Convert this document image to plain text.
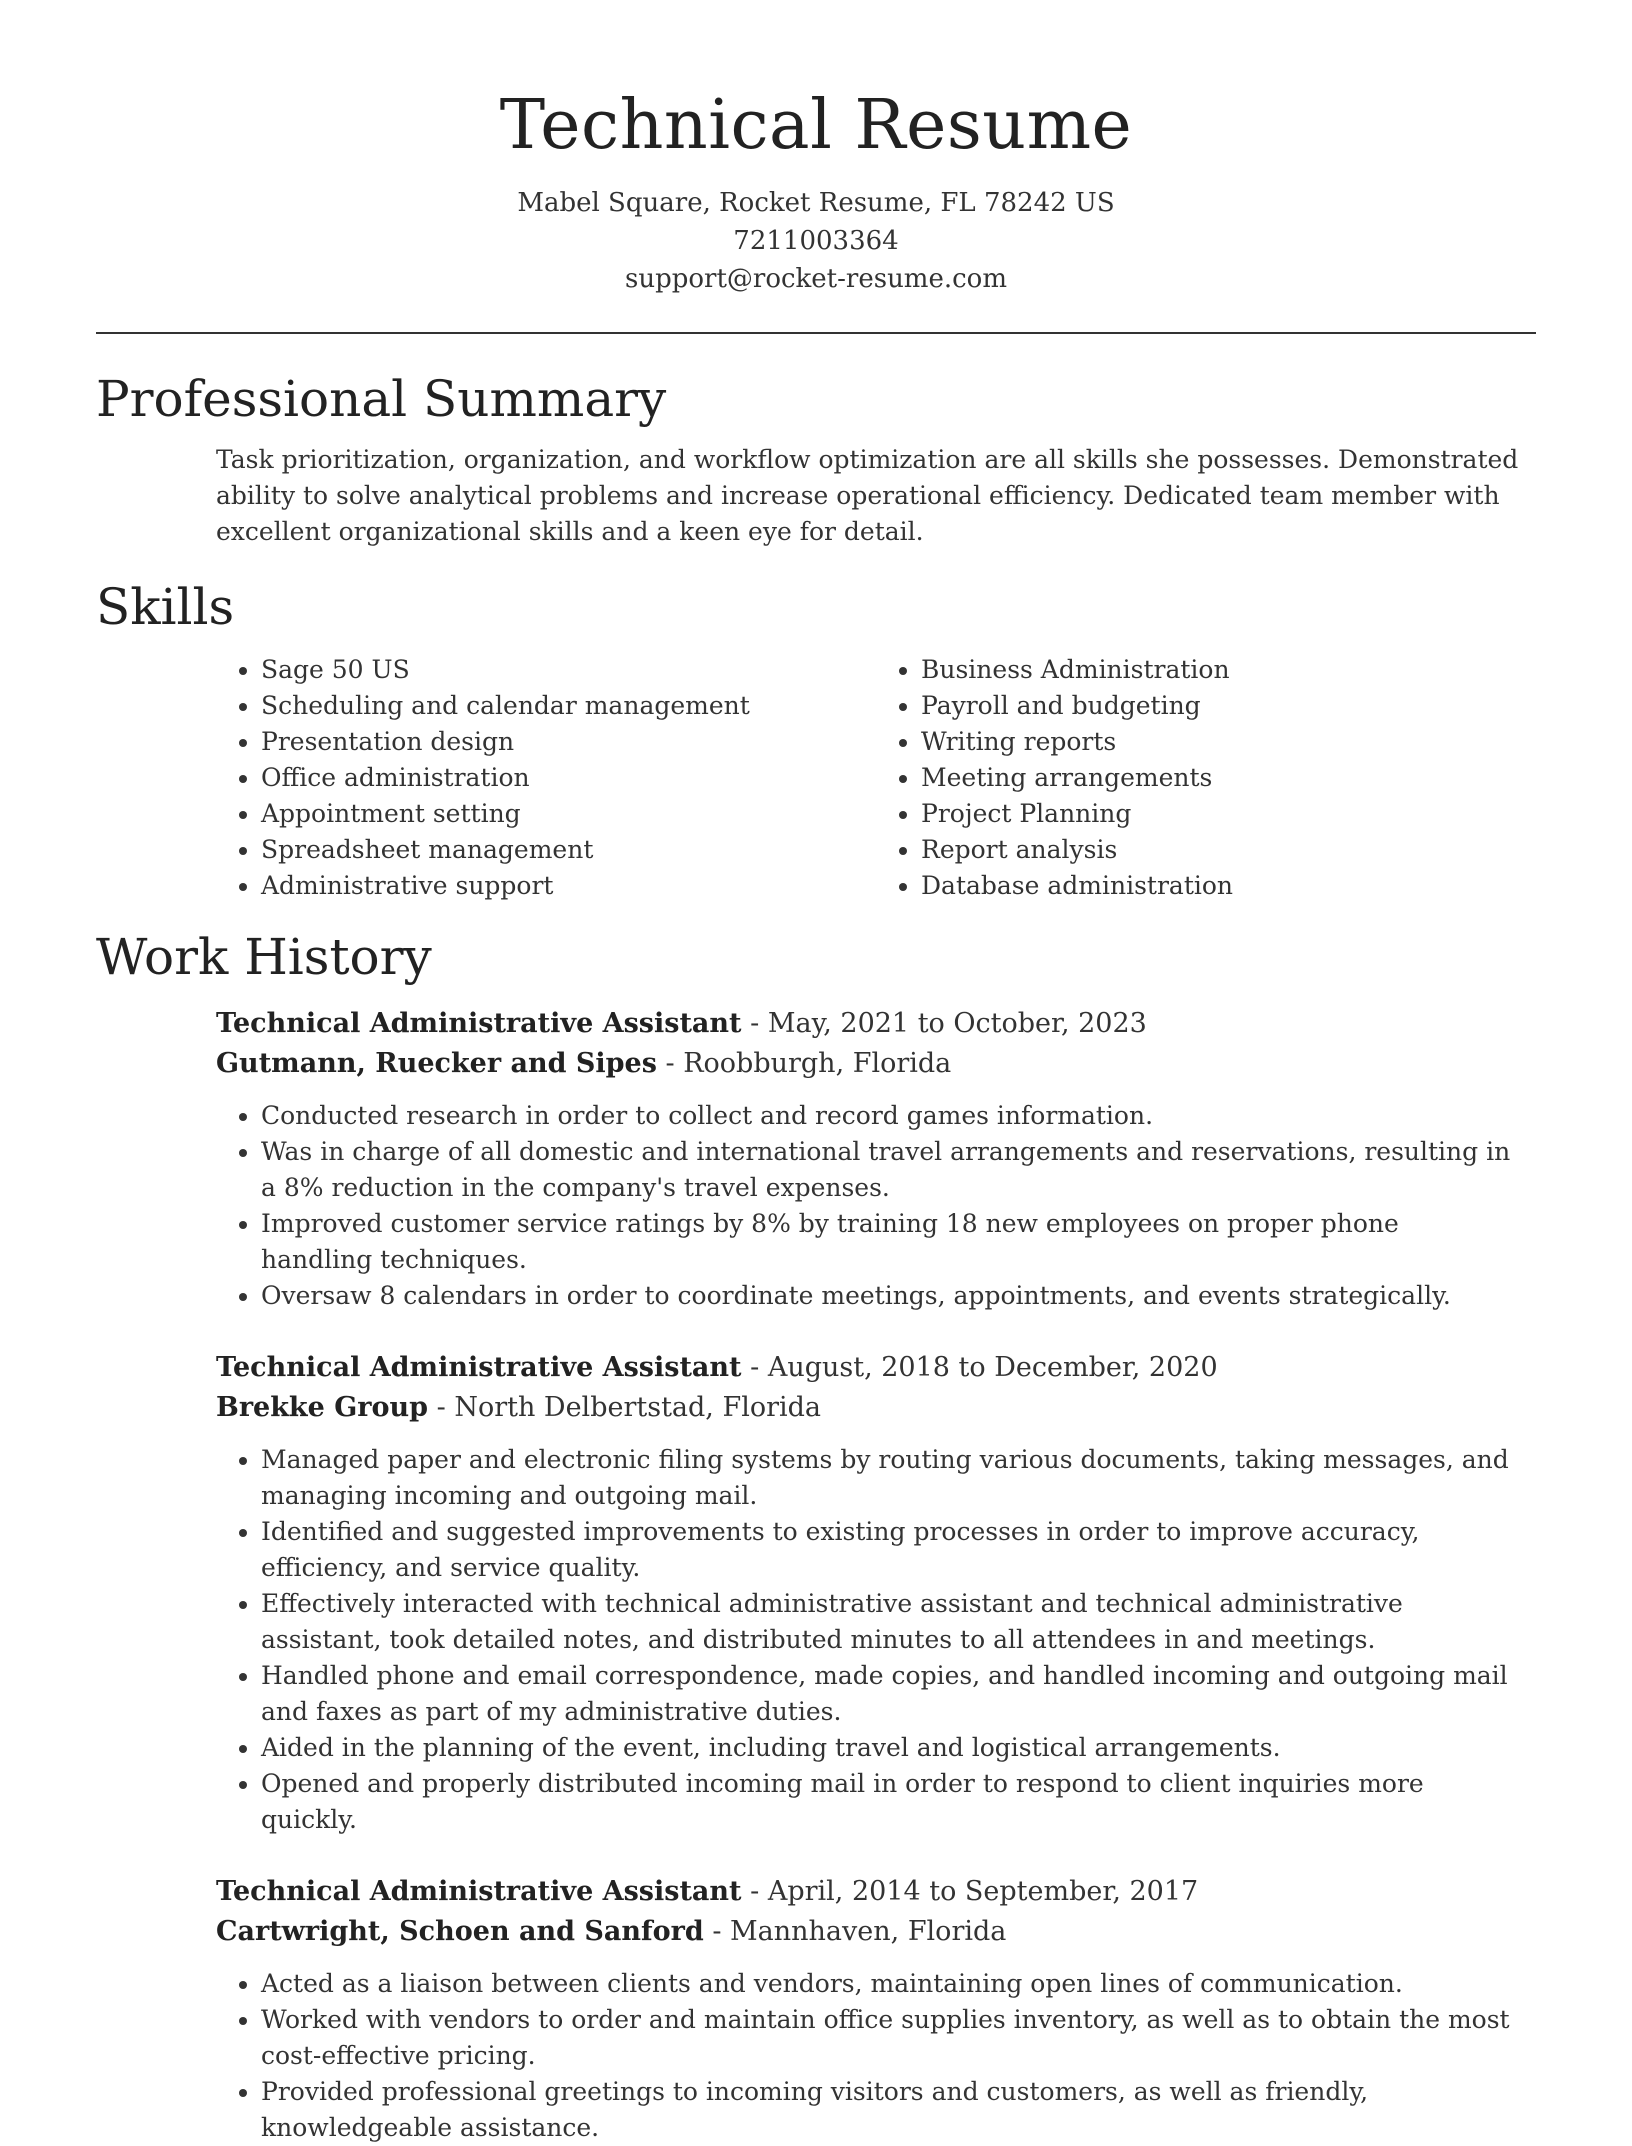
Technical Resume
Mabel Square, Rocket Resume, FL 78242 US
7211003364
support@rocket-resume.com
Professional Summary

Task prioritization, organization, and workflow optimization are all skills she possesses. Demonstrated ability to solve analytical problems and increase operational efficiency. Dedicated team member with excellent organizational skills and a keen eye for detail.

Skills
• Sage 50 US
• Scheduling and calendar management
• Presentation design
• Office administration
• Appointment setting
• Spreadsheet management
• Administrative support
• Business Administration
• Payroll and budgeting
• Writing reports
• Meeting arrangements
• Project Planning
• Report analysis
• Database administration
Work History
Technical Administrative Assistant - May, 2021 to October, 2023
Gutmann, Ruecker and Sipes - Roobburgh, Florida
• Conducted research in order to collect and record games information.
• Was in charge of all domestic and international travel arrangements and reservations, resulting in a 8% reduction in the company's travel expenses.
• Improved customer service ratings by 8% by training 18 new employees on proper phone handling techniques.
• Oversaw 8 calendars in order to coordinate meetings, appointments, and events strategically.
Technical Administrative Assistant - August, 2018 to December, 2020
Brekke Group - North Delbertstad, Florida
• Managed paper and electronic filing systems by routing various documents, taking messages, and managing incoming and outgoing mail.
• Identified and suggested improvements to existing processes in order to improve accuracy, efficiency, and service quality.
• Effectively interacted with technical administrative assistant and technical administrative assistant, took detailed notes, and distributed minutes to all attendees in and meetings.
• Handled phone and email correspondence, made copies, and handled incoming and outgoing mail and faxes as part of my administrative duties.
• Aided in the planning of the event, including travel and logistical arrangements.
• Opened and properly distributed incoming mail in order to respond to client inquiries more quickly.
Technical Administrative Assistant - April, 2014 to September, 2017
Cartwright, Schoen and Sanford - Mannhaven, Florida
• Acted as a liaison between clients and vendors, maintaining open lines of communication.
• Worked with vendors to order and maintain office supplies inventory, as well as to obtain the most cost-effective pricing.
• Provided professional greetings to incoming visitors and customers, as well as friendly, knowledgeable assistance.
